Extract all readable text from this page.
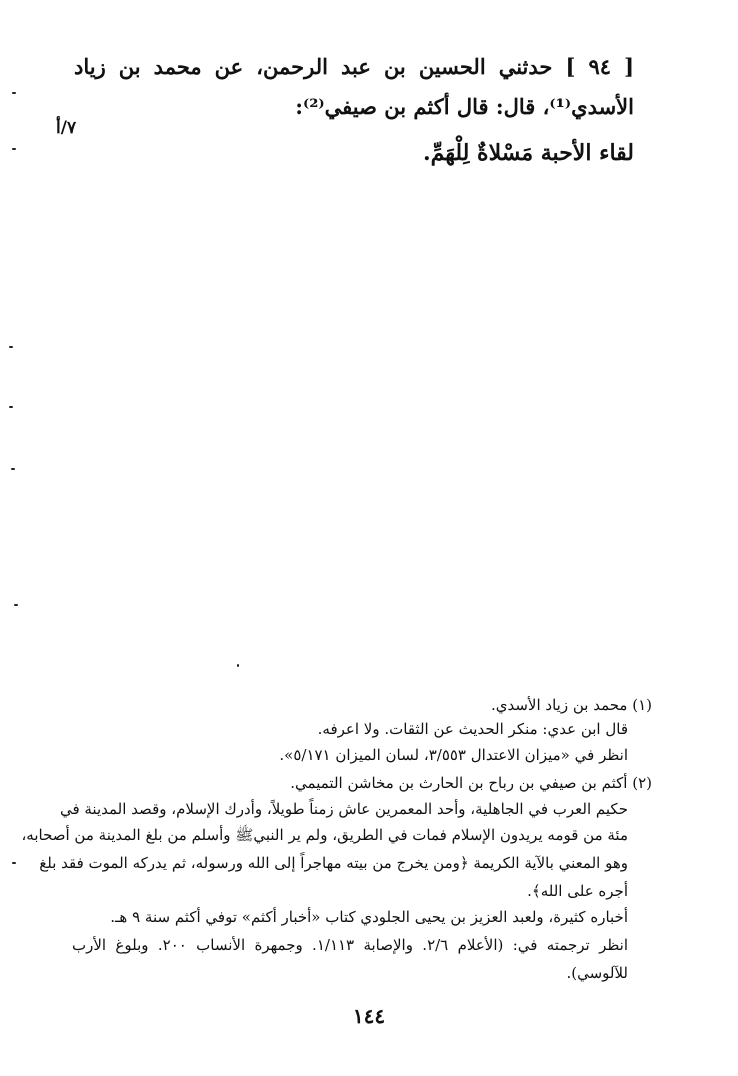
[ ٩٤ ] حدثني الحسين بن عبد الرحمن، عن محمد بن زياد
الأسدي⁽¹⁾، قال: قال أكثم بن صيفي⁽²⁾:
لقاء الأحبة مَسْلاةٌ لِلْهَمِّ.
٧/أ
(١) محمد بن زياد الأسدي.
قال ابن عدي: منكر الحديث عن الثقات. ولا اعرفه.
انظر في «ميزان الاعتدال ٣/٥٥٣، لسان الميزان ٥/١٧١».
(٢) أكثم بن صيفي بن رباح بن الحارث بن مخاشن التميمي.
حكيم العرب في الجاهلية، وأحد المعمرين عاش زمناً طويلاً، وأدرك الإسلام، وقصد المدينة في
مئة من قومه يريدون الإسلام فمات في الطريق، ولم ير النبيﷺ وأسلم من بلغ المدينة من أصحابه،
وهو المعني بالآية الكريمة ﴿ومن يخرج من بيته مهاجراً إلى الله ورسوله، ثم يدركه الموت فقد بلغ
أجره على الله﴾.
أخباره كثيرة، ولعبد العزيز بن يحيى الجلودي كتاب «أخبار أكثم» توفي أكثم سنة ٩ هـ.
انظر ترجمته في: (الأعلام ٢/٦. والإصابة ١/١١٣. وجمهرة الأنساب ٢٠٠. وبلوغ الأرب
للآلوسي).
١٤٤
